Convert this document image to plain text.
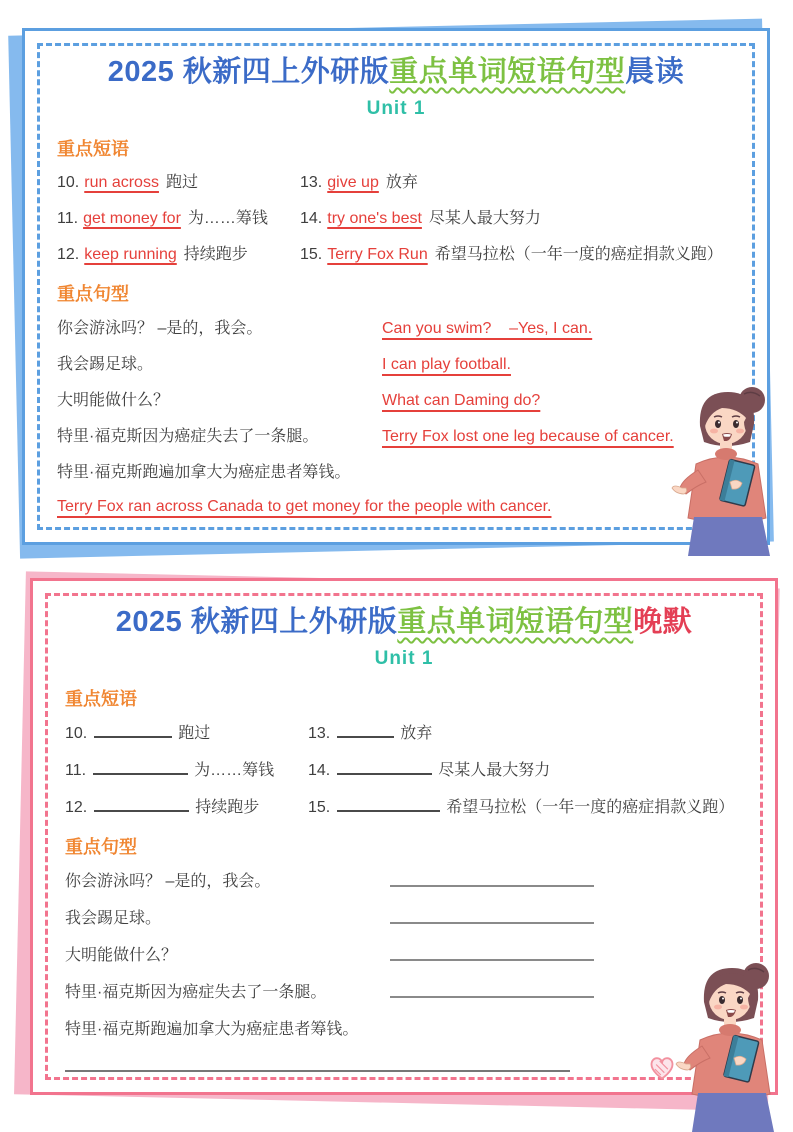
2025 秋新四上外研版重点单词短语句型晨读
Unit 1
重点短语
10. run across 跑过	13. give up 放弃
11. get money for 为……筹钱	14. try one's best 尽某人最大努力
12. keep running 持续跑步	15. Terry Fox Run 希望马拉松（一年一度的癌症捐款义跑）
重点句型
你会游泳吗？ –是的，我会。	Can you swim?    –Yes, I can.
我会踢足球。	I can play football.
大明能做什么？	What can Daming do?
特里·福克斯因为癌症失去了一条腿。	Terry Fox lost one leg because of cancer.
特里·福克斯跑遍加拿大为癌症患者筹钱。
Terry Fox ran across Canada to get money for the people with cancer.
2025 秋新四上外研版重点单词短语句型晚默
Unit 1
重点短语
10.	跑过	13.	放弃
11.	为……筹钱	14.	尽某人最大努力
12.	持续跑步	15.	希望马拉松（一年一度的癌症捐款义跑）
重点句型
你会游泳吗？ –是的，我会。
我会踢足球。
大明能做什么？
特里·福克斯因为癌症失去了一条腿。
特里·福克斯跑遍加拿大为癌症患者筹钱。
